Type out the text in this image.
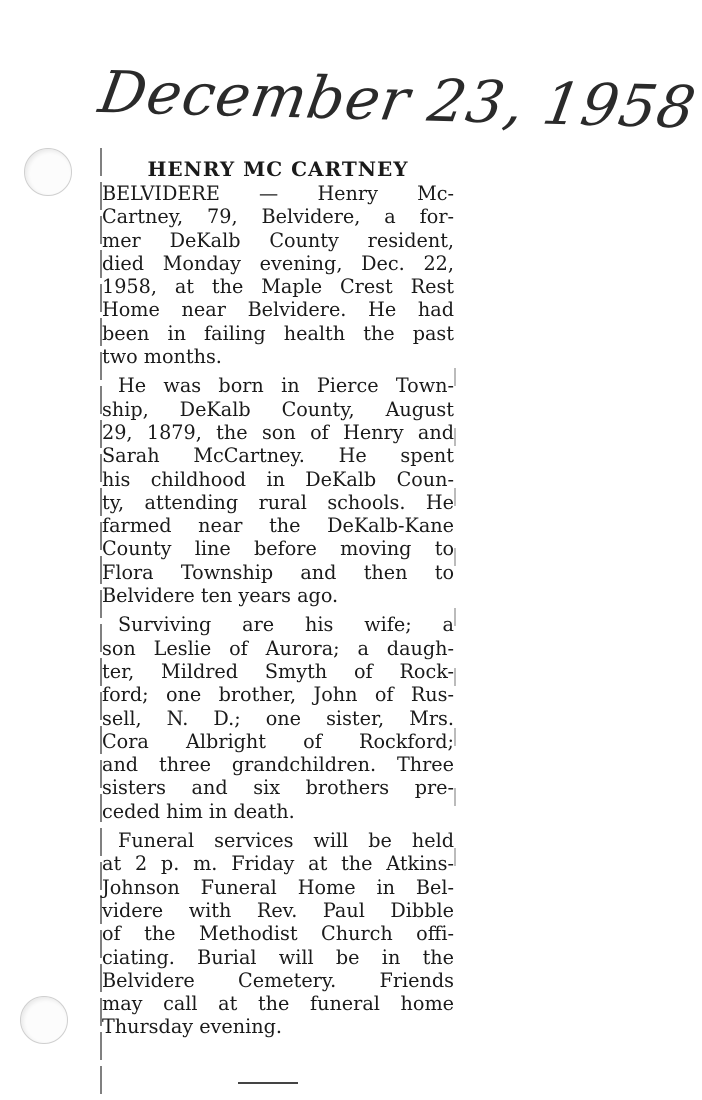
December 23, 1958
HENRY MC CARTNEY
BELVIDERE — Henry Mc-
Cartney, 79, Belvidere, a for-
mer DeKalb County resident,
died Monday evening, Dec. 22,
1958, at the Maple Crest Rest
Home near Belvidere. He had
been in failing health the past
two months.
He was born in Pierce Town-
ship, DeKalb County, August
29, 1879, the son of Henry and
Sarah McCartney. He spent
his childhood in DeKalb Coun-
ty, attending rural schools. He
farmed near the DeKalb-Kane
County line before moving to
Flora Township and then to
Belvidere ten years ago.
Surviving are his wife; a
son Leslie of Aurora; a daugh-
ter, Mildred Smyth of Rock-
ford; one brother, John of Rus-
sell, N. D.; one sister, Mrs.
Cora Albright of Rockford;
and three grandchildren. Three
sisters and six brothers pre-
ceded him in death.
Funeral services will be held
at 2 p. m. Friday at the Atkins-
Johnson Funeral Home in Bel-
videre with Rev. Paul Dibble
of the Methodist Church offi-
ciating. Burial will be in the
Belvidere Cemetery. Friends
may call at the funeral home
Thursday evening.
